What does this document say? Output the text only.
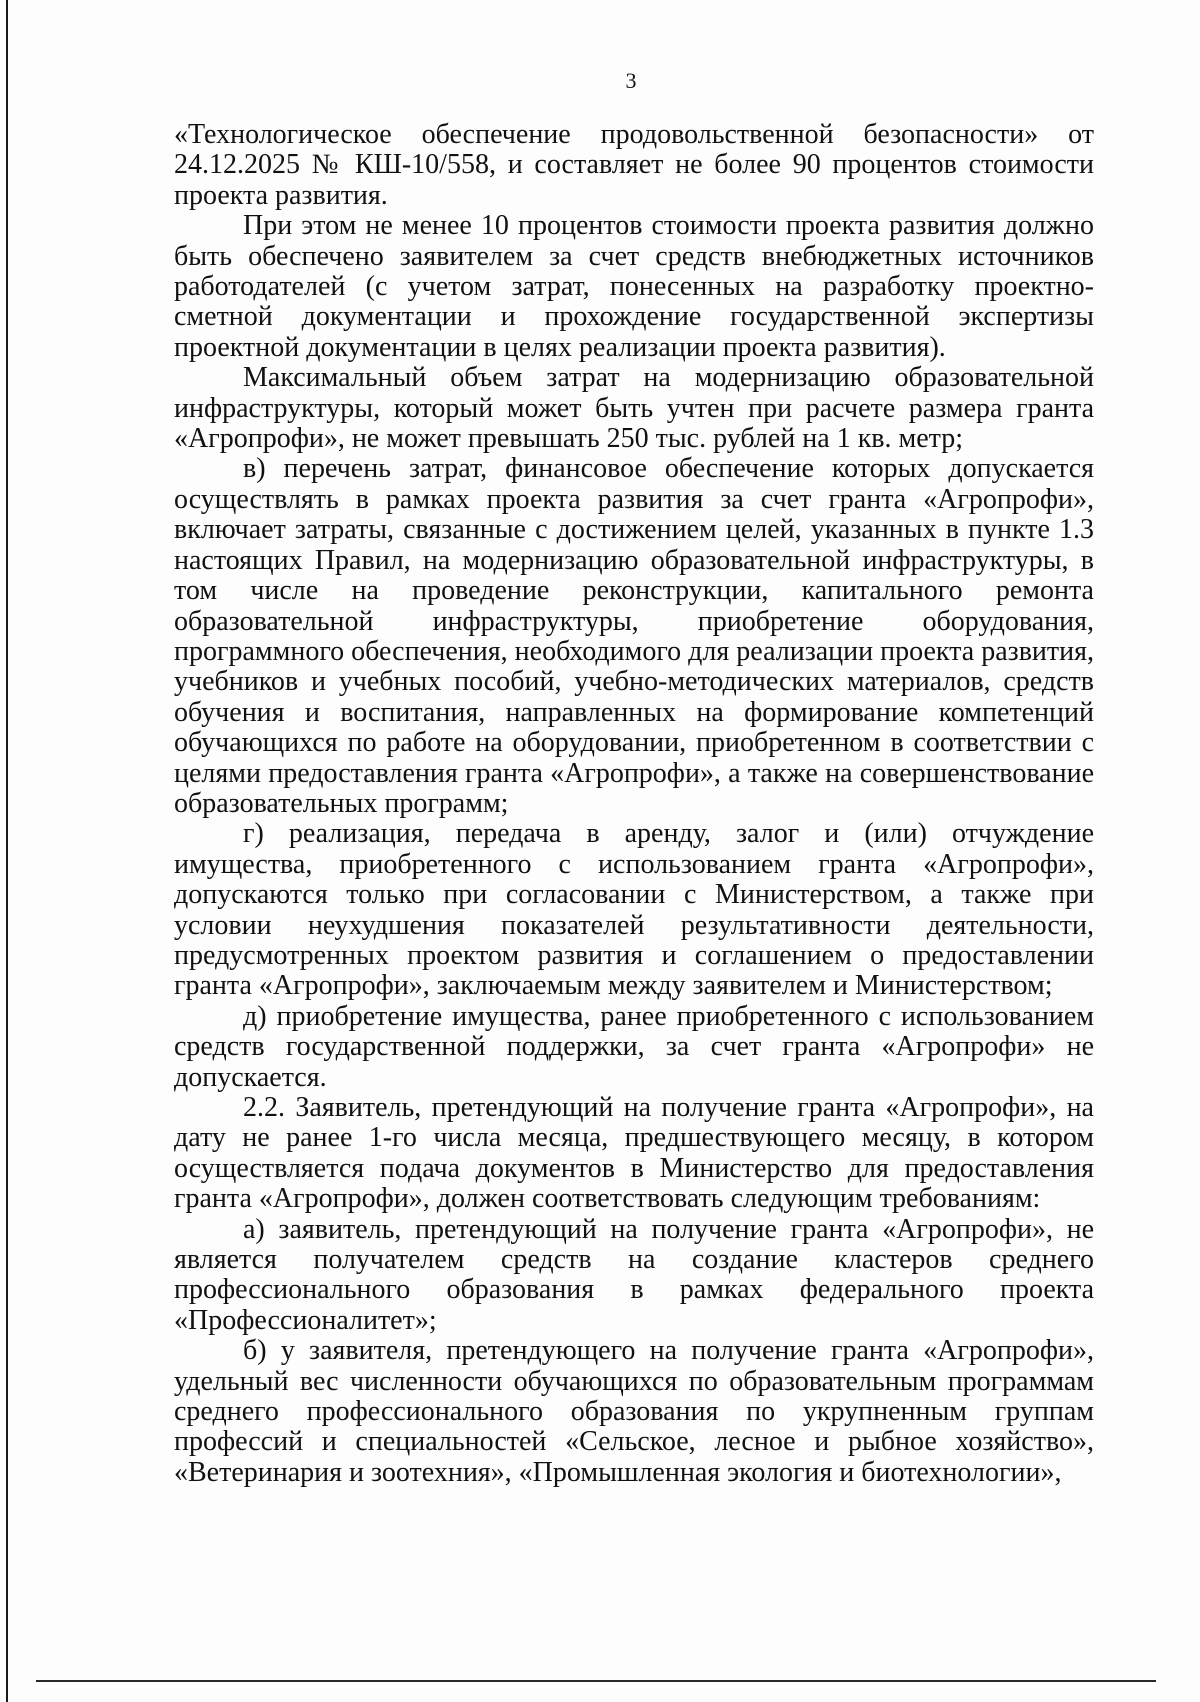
3

«Технологическое обеспечение продовольственной безопасности» от 24.12.2025 № КШ-10/558, и составляет не более 90 процентов стоимости проекта развития.

При этом не менее 10 процентов стоимости проекта развития должно быть обеспечено заявителем за счет средств внебюджетных источников работодателей (с учетом затрат, понесенных на разработку проектно-сметной документации и прохождение государственной экспертизы проектной документации в целях реализации проекта развития).

Максимальный объем затрат на модернизацию образовательной инфраструктуры, который может быть учтен при расчете размера гранта «Агропрофи», не может превышать 250 тыс. рублей на 1 кв. метр;

в) перечень затрат, финансовое обеспечение которых допускается осуществлять в рамках проекта развития за счет гранта «Агропрофи», включает затраты, связанные с достижением целей, указанных в пункте 1.3 настоящих Правил, на модернизацию образовательной инфраструктуры, в том числе на проведение реконструкции, капитального ремонта образовательной инфраструктуры, приобретение оборудования, программного обеспечения, необходимого для реализации проекта развития, учебников и учебных пособий, учебно-методических материалов, средств обучения и воспитания, направленных на формирование компетенций обучающихся по работе на оборудовании, приобретенном в соответствии с целями предоставления гранта «Агропрофи», а также на совершенствование образовательных программ;

г) реализация, передача в аренду, залог и (или) отчуждение имущества, приобретенного с использованием гранта «Агропрофи», допускаются только при согласовании с Министерством, а также при условии неухудшения показателей результативности деятельности, предусмотренных проектом развития и соглашением о предоставлении гранта «Агропрофи», заключаемым между заявителем и Министерством;

д) приобретение имущества, ранее приобретенного с использованием средств государственной поддержки, за счет гранта «Агропрофи» не допускается.

2.2. Заявитель, претендующий на получение гранта «Агропрофи», на дату не ранее 1-го числа месяца, предшествующего месяцу, в котором осуществляется подача документов в Министерство для предоставления гранта «Агропрофи», должен соответствовать следующим требованиям:

а) заявитель, претендующий на получение гранта «Агропрофи», не является получателем средств на создание кластеров среднего профессионального образования в рамках федерального проекта «Профессионалитет»;

б) у заявителя, претендующего на получение гранта «Агропрофи», удельный вес численности обучающихся по образовательным программам среднего профессионального образования по укрупненным группам профессий и специальностей «Сельское, лесное и рыбное хозяйство», «Ветеринария и зоотехния», «Промышленная экология и биотехнологии»,
